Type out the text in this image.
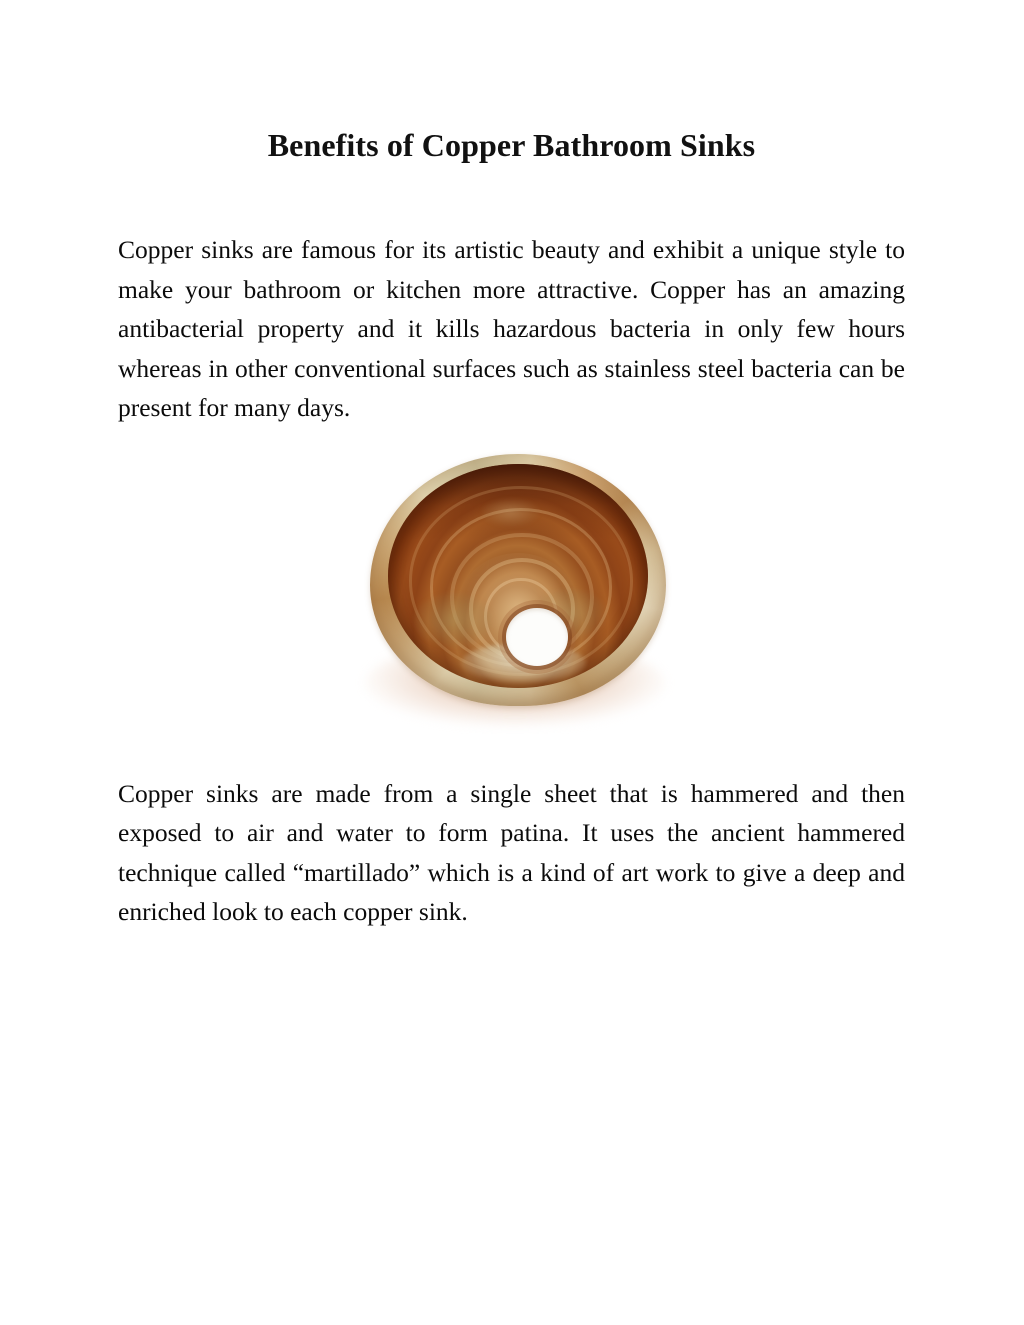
Benefits of Copper Bathroom Sinks

Copper sinks are famous for its artistic beauty and exhibit a unique style to make your bathroom or kitchen more attractive. Copper has an amazing antibacterial property and it kills hazardous bacteria in only few hours whereas in other conventional surfaces such as stainless steel bacteria can be present for many days.

Copper sinks are made from a single sheet that is hammered and then exposed to air and water to form patina. It uses the ancient hammered technique called “martillado” which is a kind of art work to give a deep and enriched look to each copper sink.
